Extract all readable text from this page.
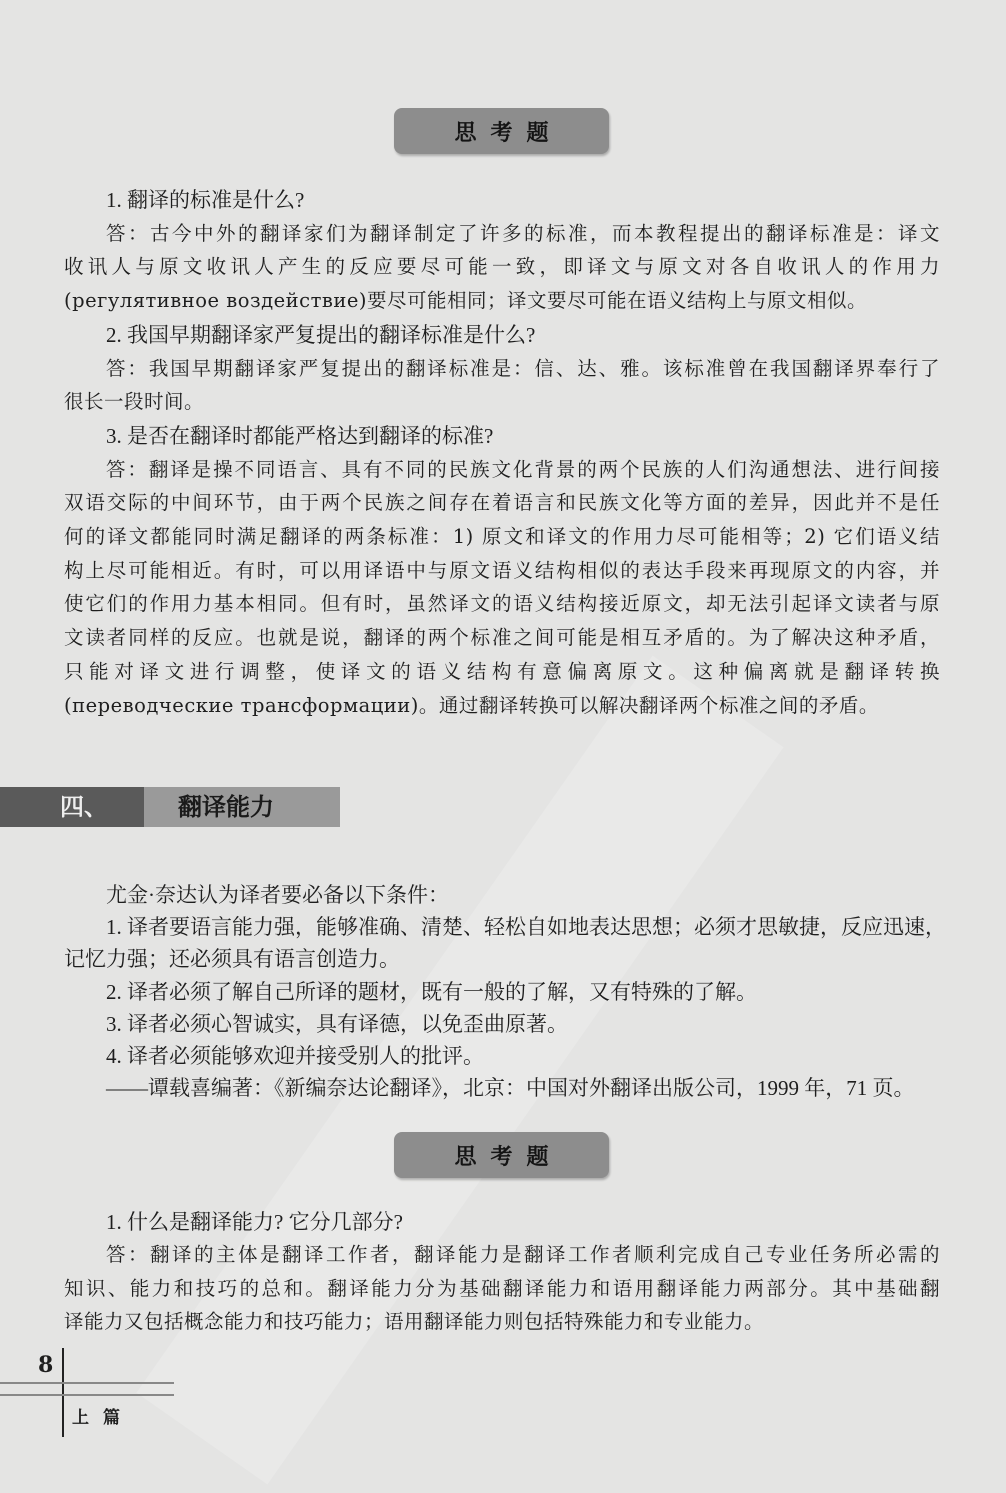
思考题
1. 翻译的标准是什么?
答：古今中外的翻译家们为翻译制定了许多的标准，而本教程提出的翻译标准是：译文
收讯人与原文收讯人产生的反应要尽可能一致，即译文与原文对各自收讯人的作用力
(регулятивное воздействие)要尽可能相同；译文要尽可能在语义结构上与原文相似。
2. 我国早期翻译家严复提出的翻译标准是什么?
答：我国早期翻译家严复提出的翻译标准是：信、达、雅。该标准曾在我国翻译界奉行了
很长一段时间。
3. 是否在翻译时都能严格达到翻译的标准?
答：翻译是操不同语言、具有不同的民族文化背景的两个民族的人们沟通想法、进行间接
双语交际的中间环节，由于两个民族之间存在着语言和民族文化等方面的差异，因此并不是任
何的译文都能同时满足翻译的两条标准：1) 原文和译文的作用力尽可能相等；2) 它们语义结
构上尽可能相近。有时，可以用译语中与原文语义结构相似的表达手段来再现原文的内容，并
使它们的作用力基本相同。但有时，虽然译文的语义结构接近原文，却无法引起译文读者与原
文读者同样的反应。也就是说，翻译的两个标准之间可能是相互矛盾的。为了解决这种矛盾，
只能对译文进行调整，使译文的语义结构有意偏离原文。这种偏离就是翻译转换
(переводческие трансформации)。通过翻译转换可以解决翻译两个标准之间的矛盾。
四、	翻译能力
尤金·奈达认为译者要必备以下条件：
1. 译者要语言能力强，能够准确、清楚、轻松自如地表达思想；必须才思敏捷，反应迅速，
记忆力强；还必须具有语言创造力。
2. 译者必须了解自己所译的题材，既有一般的了解，又有特殊的了解。
3. 译者必须心智诚实，具有译德，以免歪曲原著。
4. 译者必须能够欢迎并接受别人的批评。
——谭载喜编著：《新编奈达论翻译》，北京：中国对外翻译出版公司，1999 年，71 页。
思考题
1. 什么是翻译能力? 它分几部分?
答：翻译的主体是翻译工作者，翻译能力是翻译工作者顺利完成自己专业任务所必需的
知识、能力和技巧的总和。翻译能力分为基础翻译能力和语用翻译能力两部分。其中基础翻
译能力又包括概念能力和技巧能力；语用翻译能力则包括特殊能力和专业能力。
8
上篇
